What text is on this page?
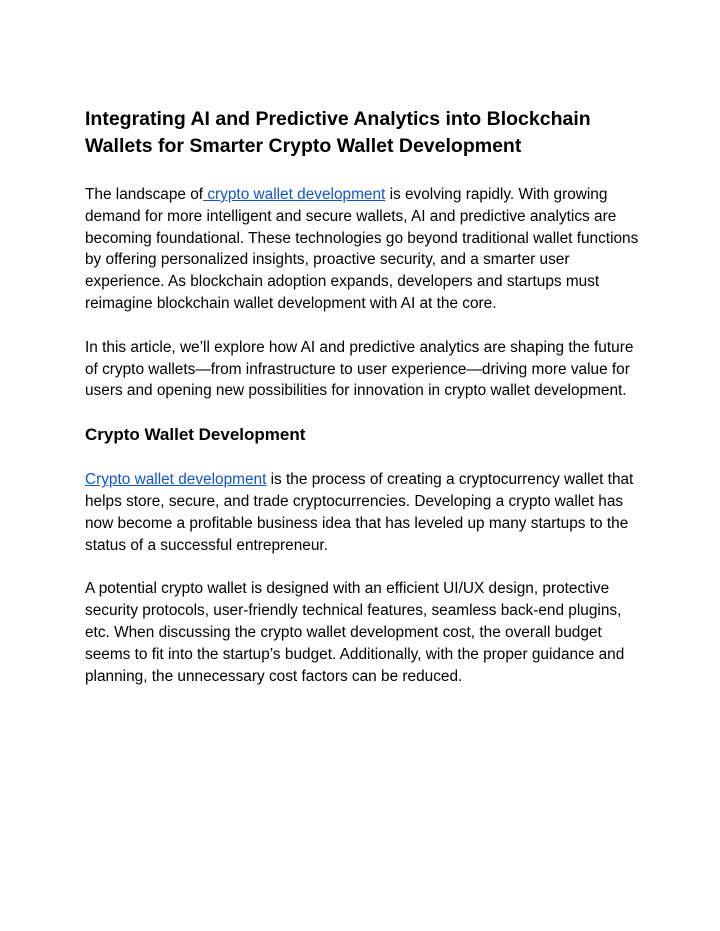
Integrating AI and Predictive Analytics into Blockchain Wallets for Smarter Crypto Wallet Development

The landscape of crypto wallet development is evolving rapidly. With growing demand for more intelligent and secure wallets, AI and predictive analytics are becoming foundational. These technologies go beyond traditional wallet functions by offering personalized insights, proactive security, and a smarter user experience. As blockchain adoption expands, developers and startups must reimagine blockchain wallet development with AI at the core.

In this article, we’ll explore how AI and predictive analytics are shaping the future of crypto wallets—from infrastructure to user experience—driving more value for users and opening new possibilities for innovation in crypto wallet development.

Crypto Wallet Development

Crypto wallet development is the process of creating a cryptocurrency wallet that helps store, secure, and trade cryptocurrencies. Developing a crypto wallet has now become a profitable business idea that has leveled up many startups to the status of a successful entrepreneur.

A potential crypto wallet is designed with an efficient UI/UX design, protective security protocols, user-friendly technical features, seamless back-end plugins, etc. When discussing the crypto wallet development cost, the overall budget seems to fit into the startup’s budget. Additionally, with the proper guidance and planning, the unnecessary cost factors can be reduced.
